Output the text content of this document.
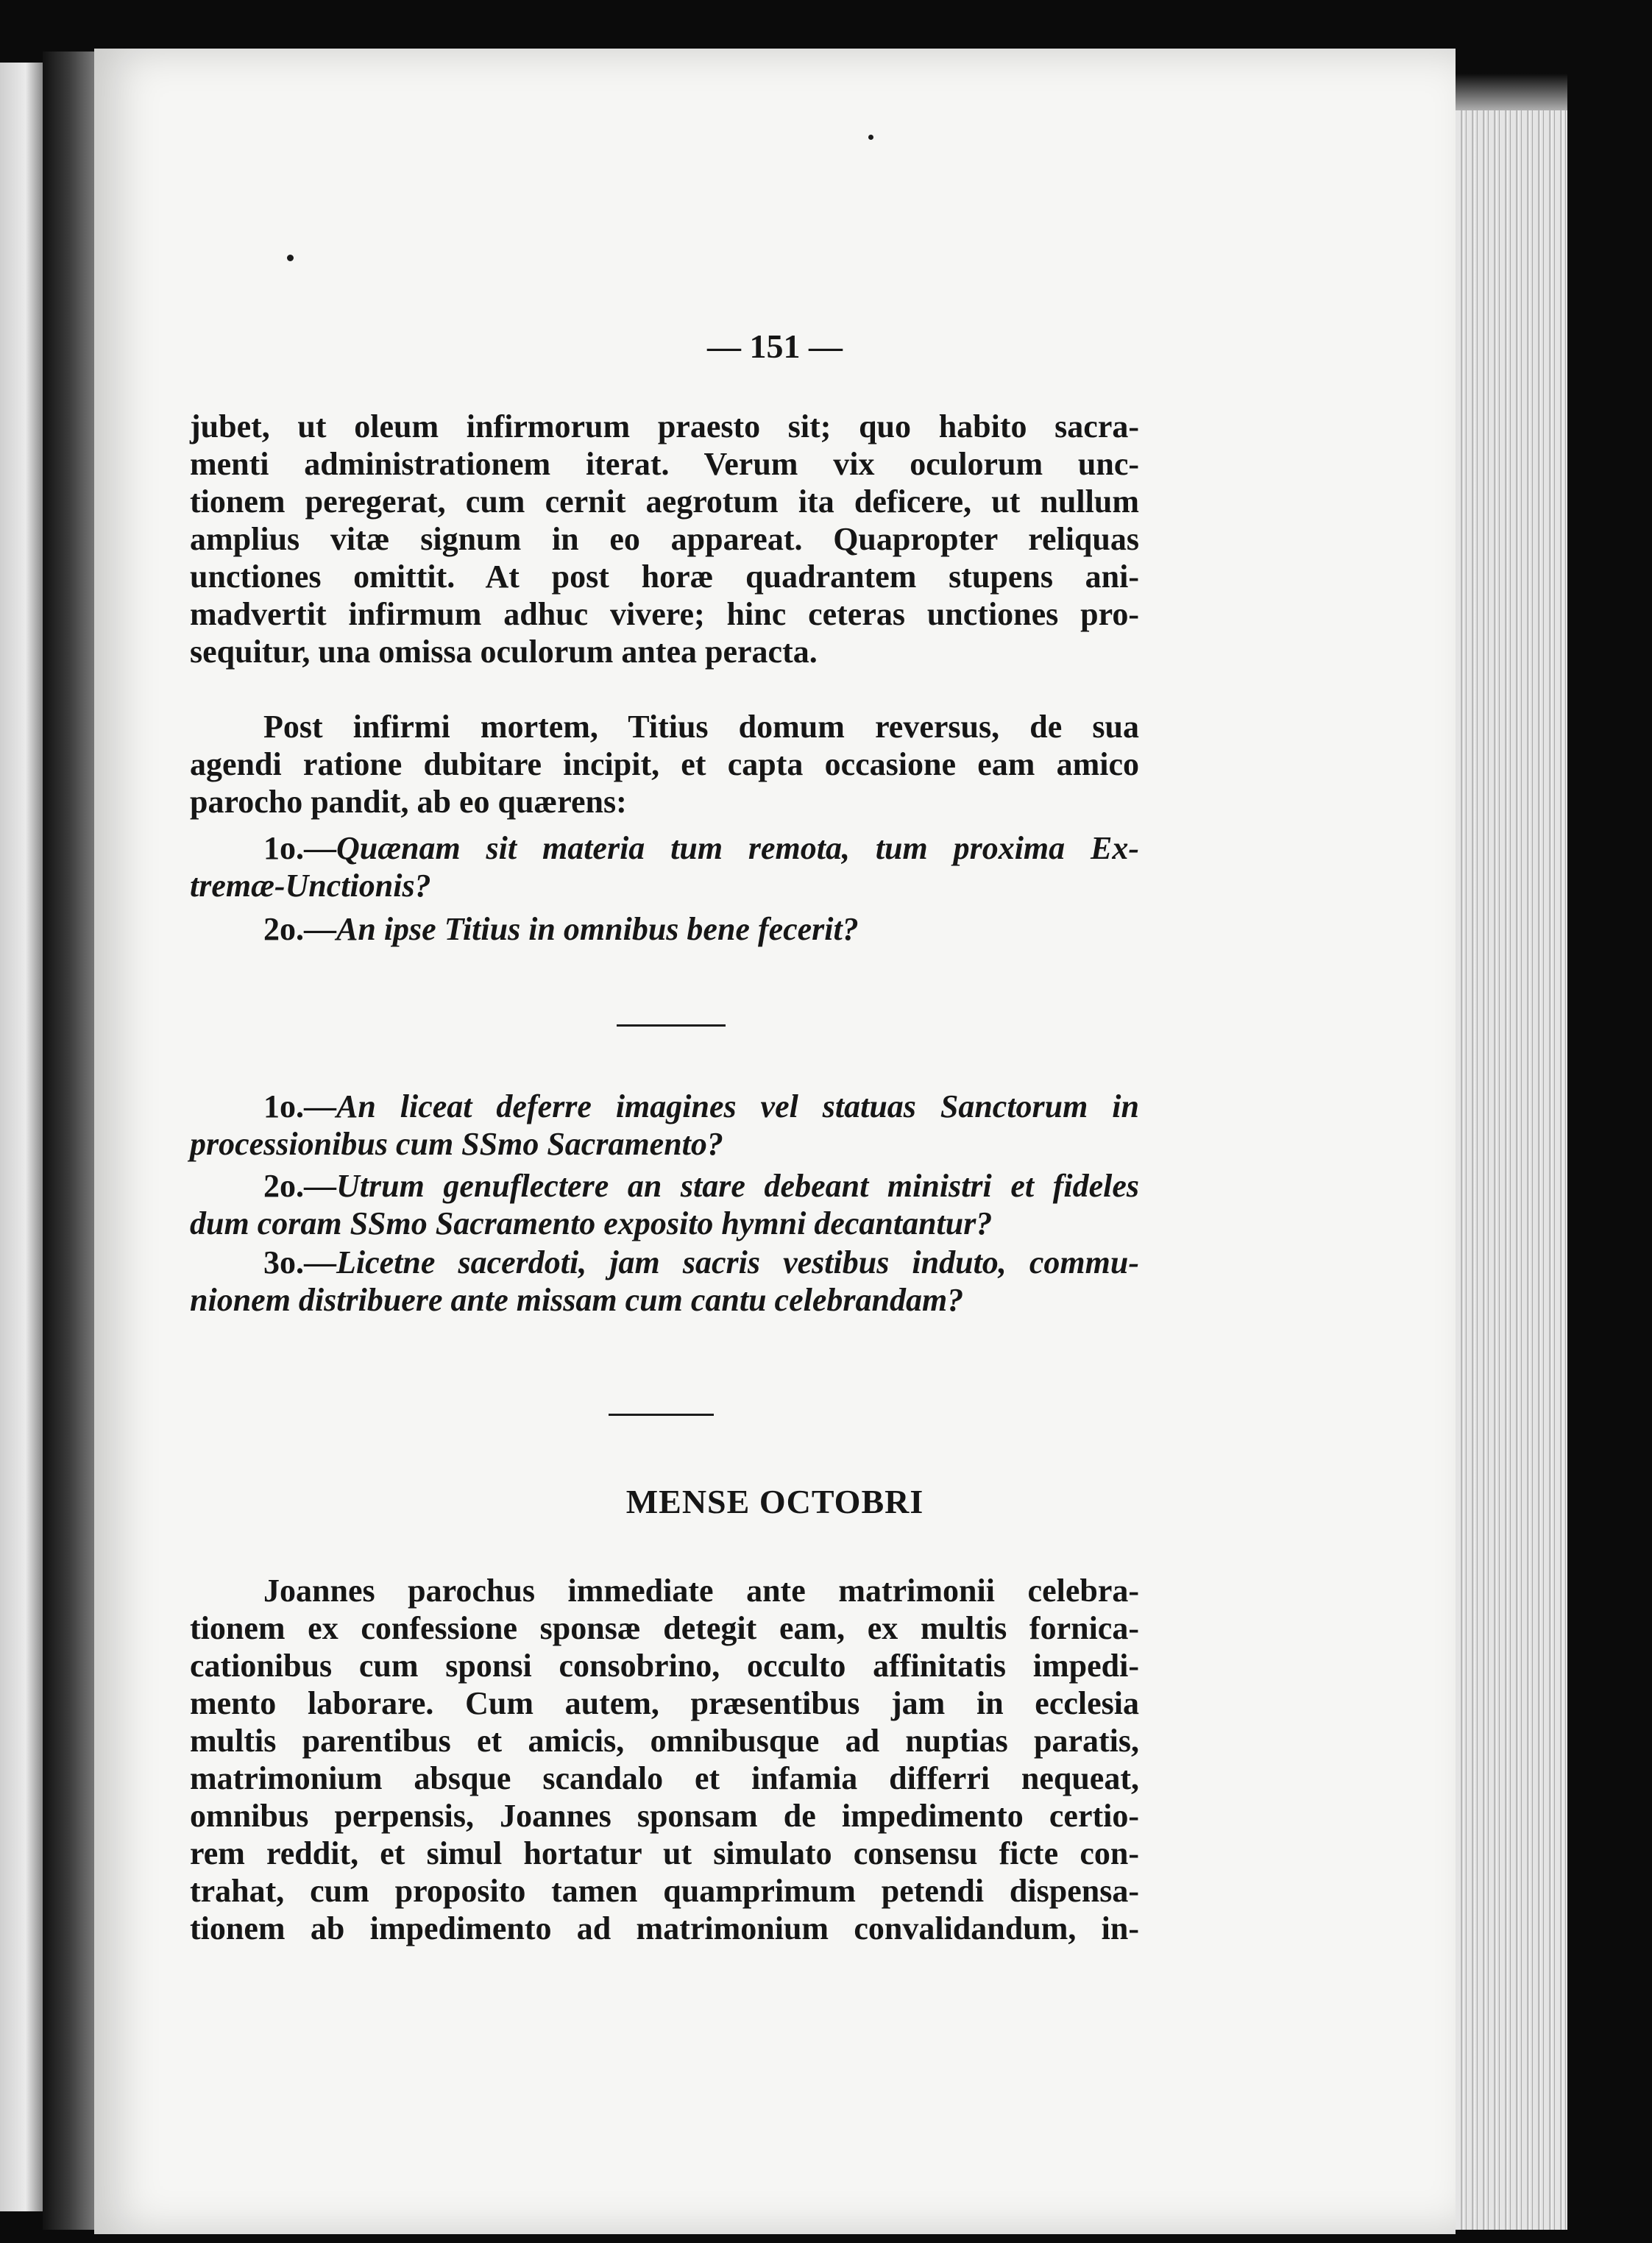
— 151 —
MENSE OCTOBRI
jubet, ut oleum infirmorum praesto sit; quo habito sacra-
menti administrationem iterat. Verum vix oculorum unc-
tionem peregerat, cum cernit aegrotum ita deficere, ut nullum
amplius vitæ signum in eo appareat. Quapropter reliquas
unctiones omittit. At post horæ quadrantem stupens ani-
madvertit infirmum adhuc vivere; hinc ceteras unctiones pro-
sequitur, una omissa oculorum antea peracta.
Post infirmi mortem, Titius domum reversus, de sua
agendi ratione dubitare incipit, et capta occasione eam amico
parocho pandit, ab eo quærens:
1o.—Quænam sit materia tum remota, tum proxima Ex-
tremæ-Unctionis?
2o.—An ipse Titius in omnibus bene fecerit?
1o.—An liceat deferre imagines vel statuas Sanctorum in
processionibus cum SSmo Sacramento?
2o.—Utrum genuflectere an stare debeant ministri et fideles
dum coram SSmo Sacramento exposito hymni decantantur?
3o.—Licetne sacerdoti, jam sacris vestibus induto, commu-
nionem distribuere ante missam cum cantu celebrandam?
Joannes parochus immediate ante matrimonii celebra-
tionem ex confessione sponsæ detegit eam, ex multis fornica-
cationibus cum sponsi consobrino, occulto affinitatis impedi-
mento laborare. Cum autem, præsentibus jam in ecclesia
multis parentibus et amicis, omnibusque ad nuptias paratis,
matrimonium absque scandalo et infamia differri nequeat,
omnibus perpensis, Joannes sponsam de impedimento certio-
rem reddit, et simul hortatur ut simulato consensu ficte con-
trahat, cum proposito tamen quamprimum petendi dispensa-
tionem ab impedimento ad matrimonium convalidandum, in-
